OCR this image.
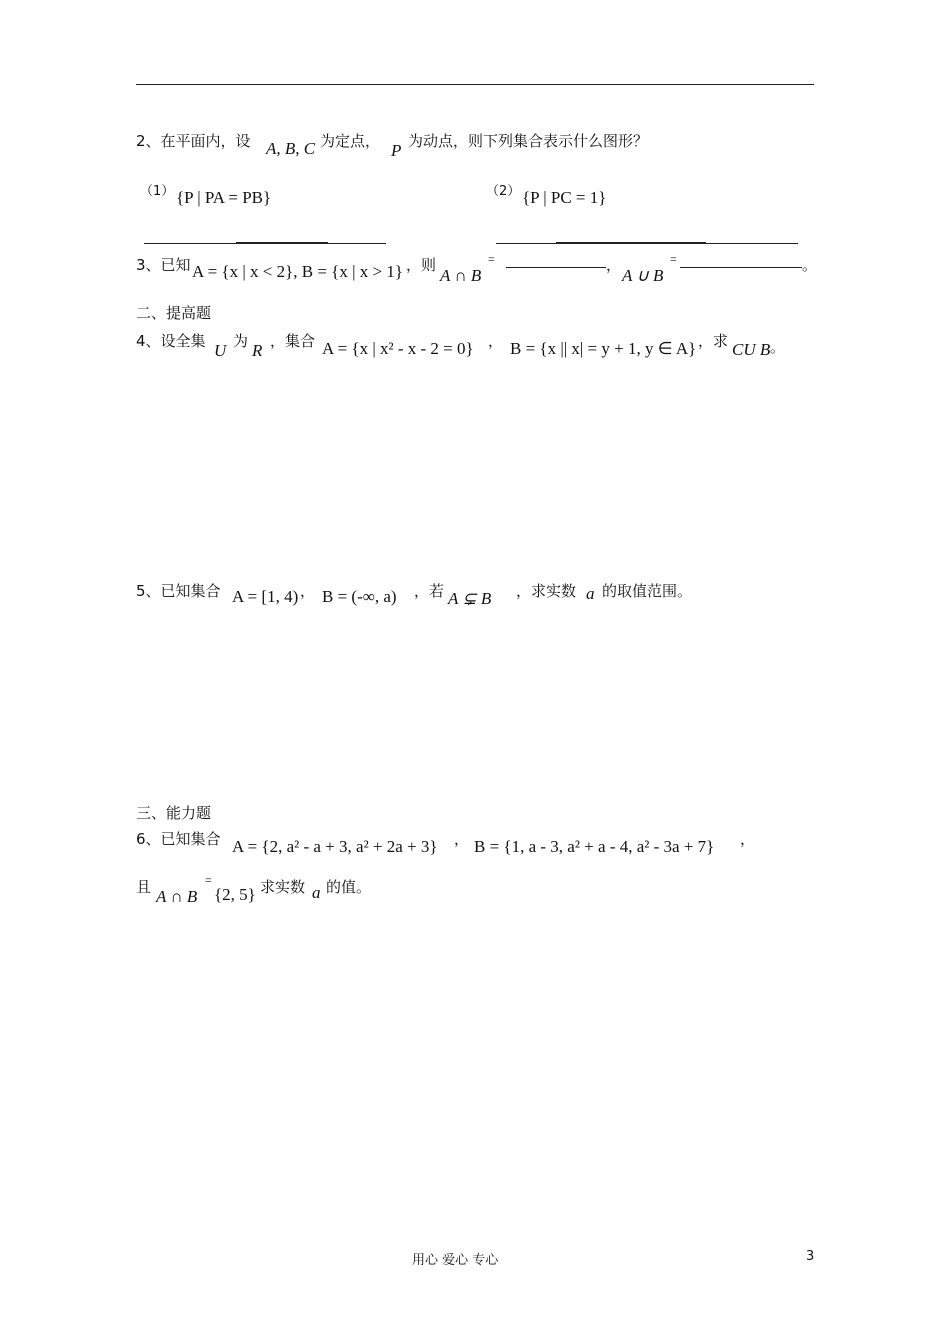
2、在平面内，设 A, B, C 为定点， P 为动点，则下列集合表示什么图形？
（1） {P | PA = PB}	（2） {P | PC = 1}
3、已知 A = {x | x < 2}, B = {x | x > 1} ，则
A ∩ B
=	，
A ∪ B
=	。
二、提高题
4、设全集 U 为 R ，集合 A = {x | x² - x - 2 = 0} ， B = {x || x| = y + 1, y ∈ A} ，求 CU B 。
5、已知集合 A = [1, 4) ， B = (-∞, a) ，若 A ⊊ B ，求实数 a 的取值范围。
三、能力题
6、已知集合 A = {2, a² - a + 3, a² + 2a + 3} ， B = {1, a - 3, a² + a - 4, a² - 3a + 7} ，
且 A ∩ B
=
{2, 5} 求实数 a 的值。
用心 爱心 专心	3
